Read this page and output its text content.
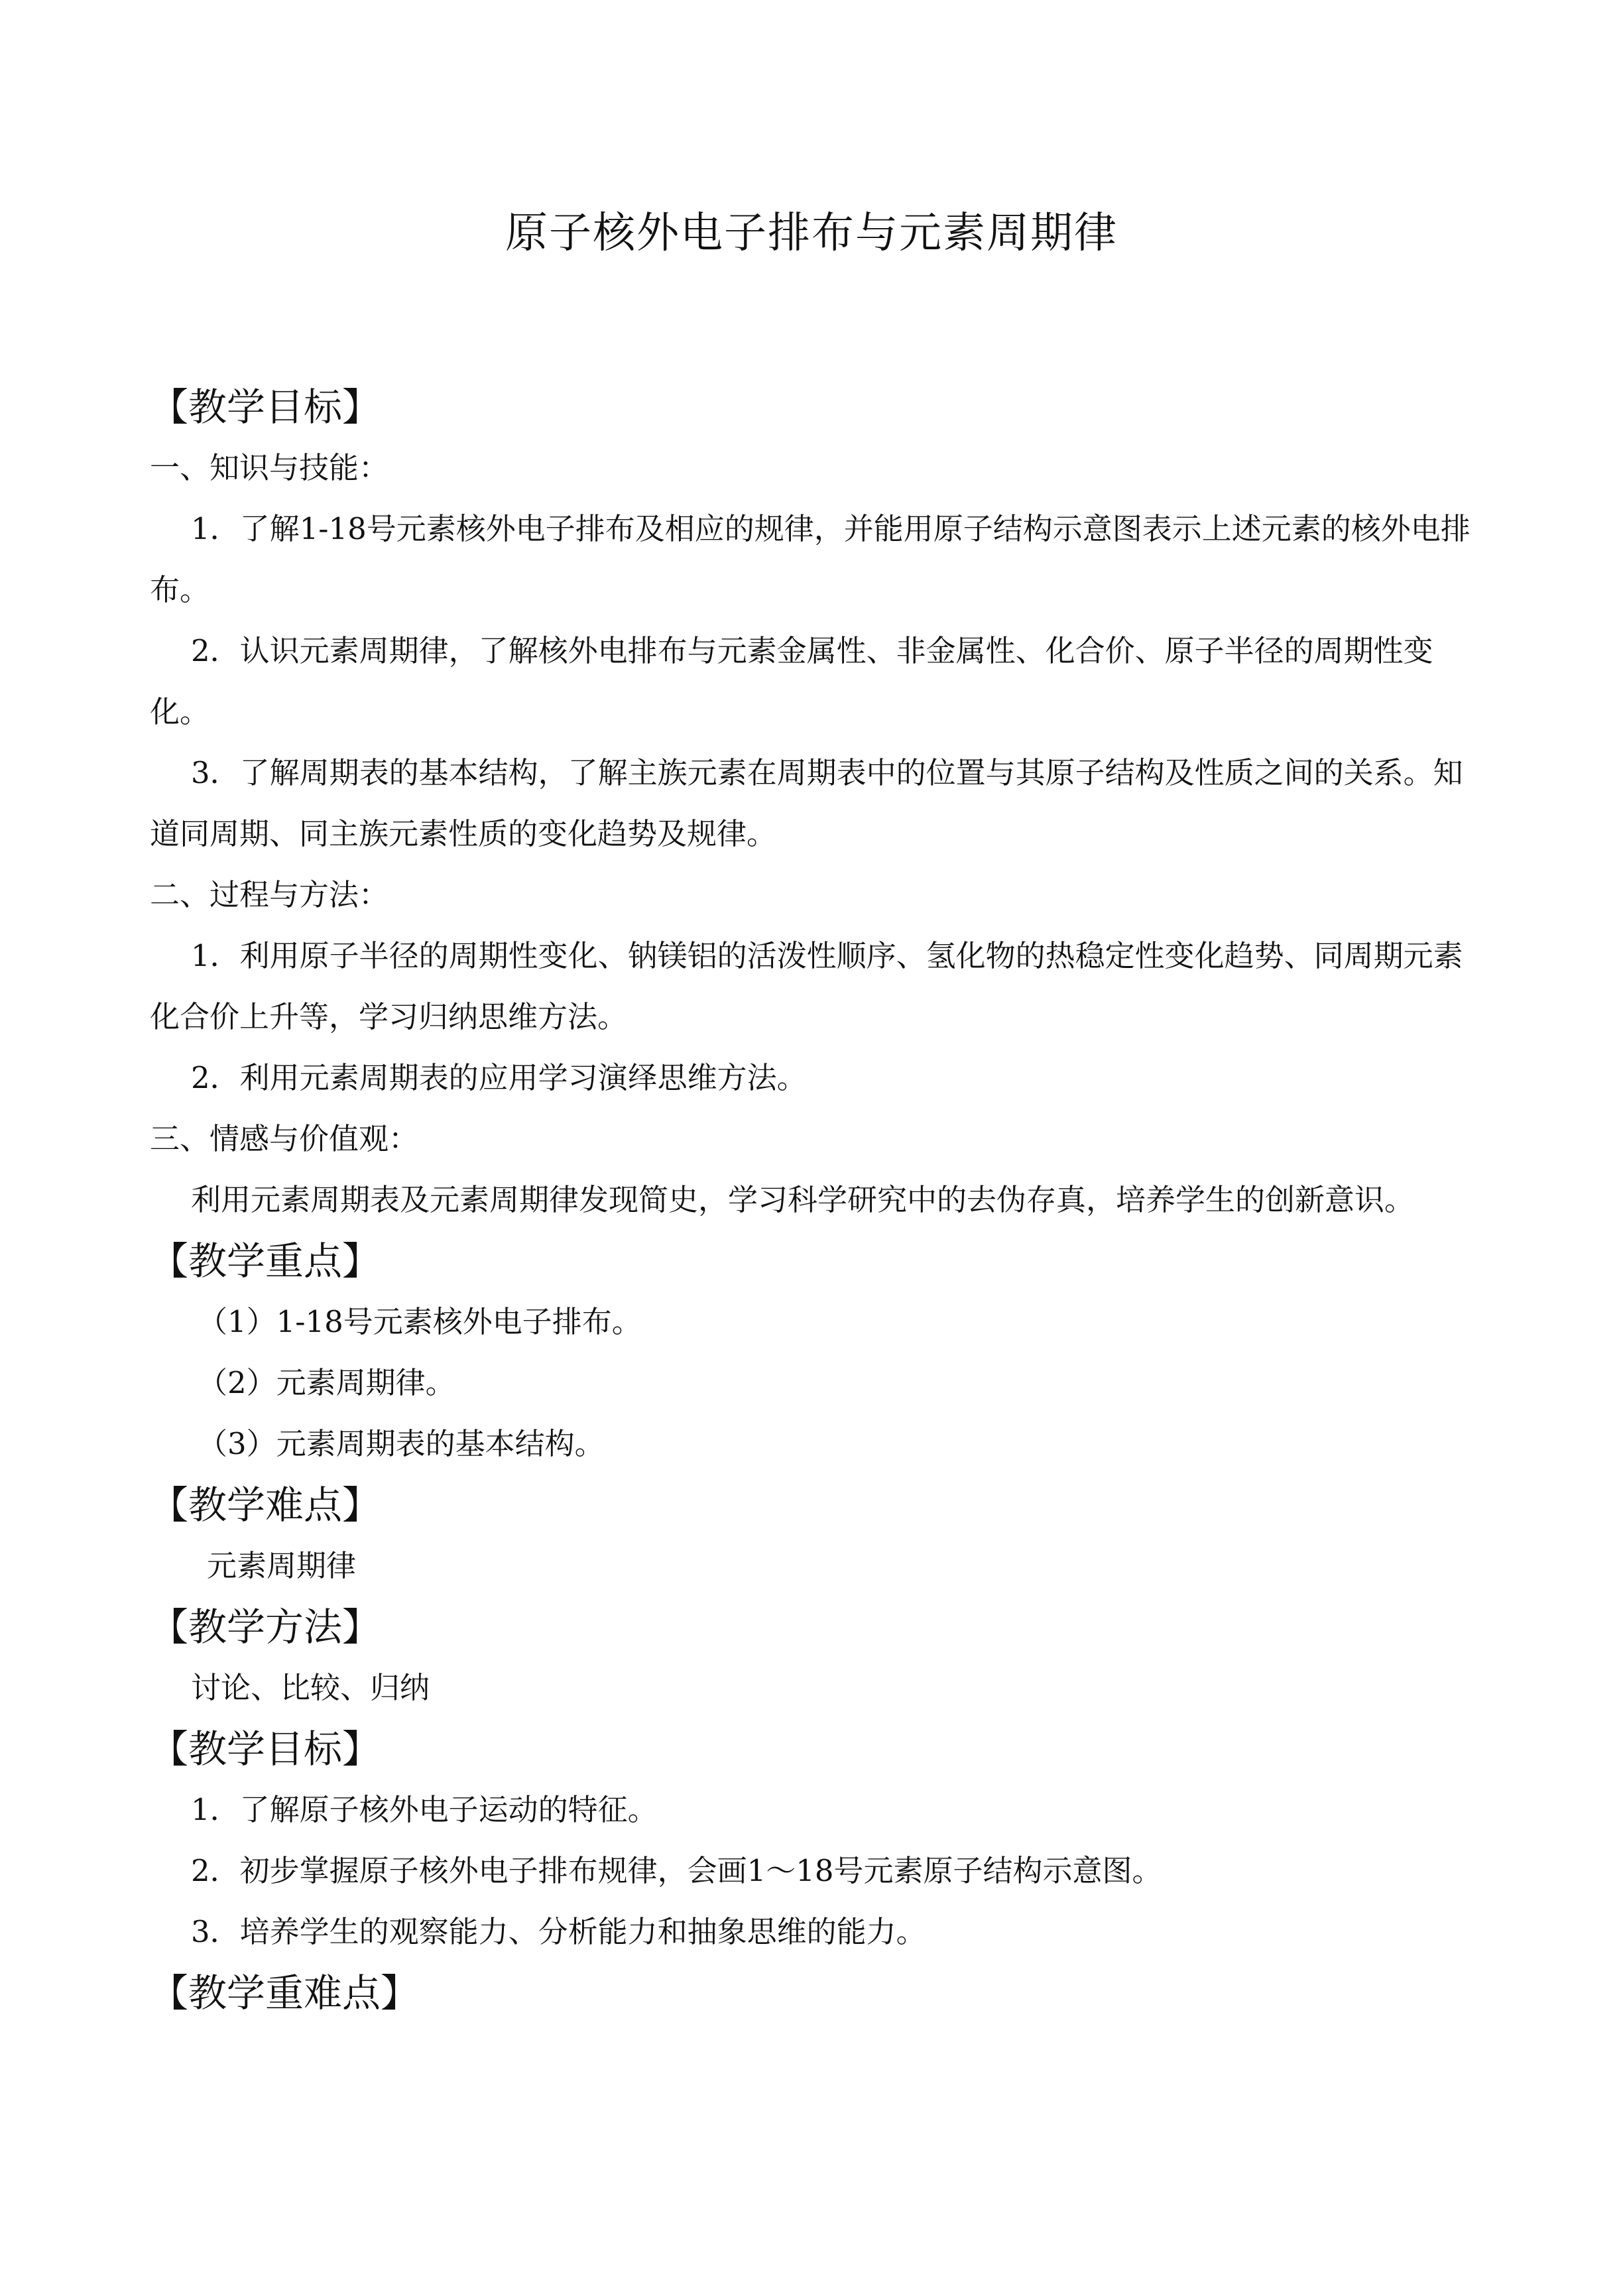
原子核外电子排布与元素周期律
【教学目标】
一、知识与技能：

1．了解1-18号元素核外电子排布及相应的规律，并能用原子结构示意图表示上述元素的核外电排布。

2．认识元素周期律，了解核外电排布与元素金属性、非金属性、化合价、原子半径的周期性变化。

3．了解周期表的基本结构，了解主族元素在周期表中的位置与其原子结构及性质之间的关系。知道同周期、同主族元素性质的变化趋势及规律。

二、过程与方法：

1．利用原子半径的周期性变化、钠镁铝的活泼性顺序、氢化物的热稳定性变化趋势、同周期元素化合价上升等，学习归纳思维方法。

2．利用元素周期表的应用学习演绎思维方法。

三、情感与价值观：

利用元素周期表及元素周期律发现简史，学习科学研究中的去伪存真，培养学生的创新意识。

【教学重点】
（1）1-18号元素核外电子排布。
（2）元素周期律。
（3）元素周期表的基本结构。
【教学难点】
元素周期律
【教学方法】
讨论、比较、归纳
【教学目标】
1．了解原子核外电子运动的特征。
2．初步掌握原子核外电子排布规律，会画1～18号元素原子结构示意图。
3．培养学生的观察能力、分析能力和抽象思维的能力。
【教学重难点】
